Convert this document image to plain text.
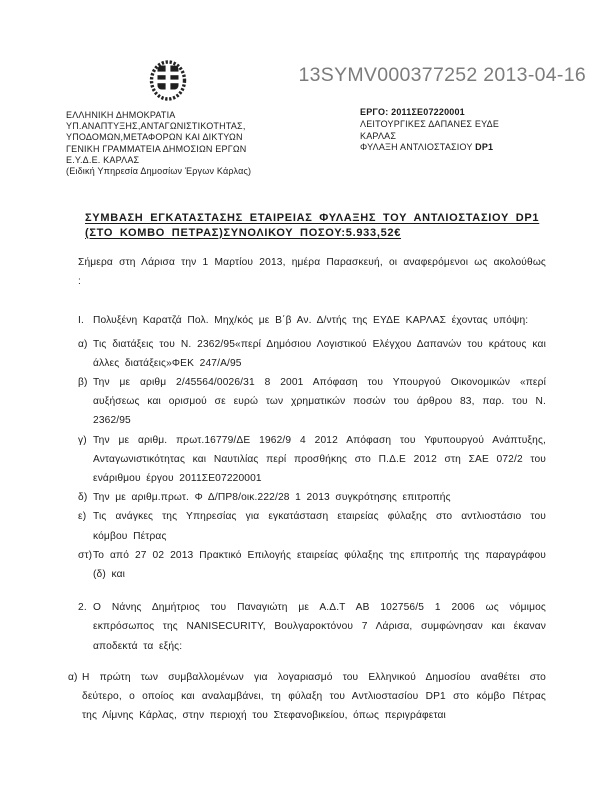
13SYMV000377252 2013-04-16
ΕΛΛΗΝΙΚΗ ΔΗΜΟΚΡΑΤΙΑ
ΥΠ.ΑΝΑΠΤΥΞΗΣ,ΑΝΤΑΓΩΝΙΣΤΙΚΟΤΗΤΑΣ,
ΥΠΟΔΟΜΩΝ,ΜΕΤΑΦΟΡΩΝ ΚΑΙ ΔΙΚΤΥΩΝ
ΓΕΝΙΚΗ ΓΡΑΜΜΑΤΕΙΑ ΔΗΜΟΣΙΩΝ ΕΡΓΩΝ
Ε.Υ.Δ.Ε. ΚΑΡΛΑΣ
(Ειδική Υπηρεσία Δημοσίων Έργων Κάρλας)
ΕΡΓΟ: 2011ΣΕ07220001
ΛΕΙΤΟΥΡΓΙΚΕΣ ΔΑΠΑΝΕΣ ΕΥΔΕ
ΚΑΡΛΑΣ
ΦΥΛΑΞΗ ΑΝΤΛΙΟΣΤΑΣΙΟΥ DP1
ΣΥΜΒΑΣΗ ΕΓΚΑΤΑΣΤΑΣΗΣ ΕΤΑΙΡΕΙΑΣ ΦΥΛΑΞΗΣ ΤΟΥ ΑΝΤΛΙΟΣΤΑΣΙΟΥ DP1
(ΣΤΟ ΚΟΜΒΟ ΠΕΤΡΑΣ)ΣΥΝΟΛΙΚΟΥ ΠΟΣΟΥ:5.933,52€
Σήμερα στη Λάρισα την 1 Μαρτίου 2013, ημέρα Παρασκευή, οι αναφερόμενοι ως ακολούθως :
Ι. Πολυξένη Καρατζά Πολ. Μηχ/κός με Β΄β Αν. Δ/ντής της ΕΥΔΕ ΚΑΡΛΑΣ έχοντας υπόψη:
α) Τις διατάξεις του Ν. 2362/95«περί Δημόσιου Λογιστικού Ελέγχου Δαπανών του κράτους και άλλες διατάξεις»ΦΕΚ 247/Α/95
β) Την με αριθμ 2/45564/0026/31 8 2001 Απόφαση του Υπουργού Οικονομικών «περί αυξήσεως και ορισμού σε ευρώ των χρηματικών ποσών του άρθρου 83, παρ. του Ν. 2362/95
γ) Την με αριθμ. πρωτ.16779/ΔΕ 1962/9 4 2012 Απόφαση του Υφυπουργού Ανάπτυξης, Ανταγωνιστικότητας και Ναυτιλίας περί προσθήκης στο Π.Δ.Ε 2012 στη ΣΑΕ 072/2 του ενάριθμου έργου 2011ΣΕ07220001
δ) Την με αριθμ.πρωτ. Φ Δ/ΠΡ8/οικ.222/28 1 2013 συγκρότησης επιτροπής
ε) Τις ανάγκες της Υπηρεσίας για εγκατάσταση εταιρείας φύλαξης στο αντλιοστάσιο του κόμβου Πέτρας
στ) Το από 27 02 2013 Πρακτικό Επιλογής εταιρείας φύλαξης της επιτροπής της παραγράφου (δ) και
2. Ο Νάνης Δημήτριος του Παναγιώτη με Α.Δ.Τ ΑΒ 102756/5 1 2006 ως νόμιμος εκπρόσωπος της NANISECURITY, Βουλγαροκτόνου 7 Λάρισα, συμφώνησαν και έκαναν αποδεκτά τα εξής:
α) Η πρώτη των συμβαλλομένων για λογαριασμό του Ελληνικού Δημοσίου αναθέτει στο δεύτερο, ο οποίος και αναλαμβάνει, τη φύλαξη του Αντλιοστασίου DP1 στο κόμβο Πέτρας της Λίμνης Κάρλας, στην περιοχή του Στεφανοβικείου, όπως περιγράφεται
